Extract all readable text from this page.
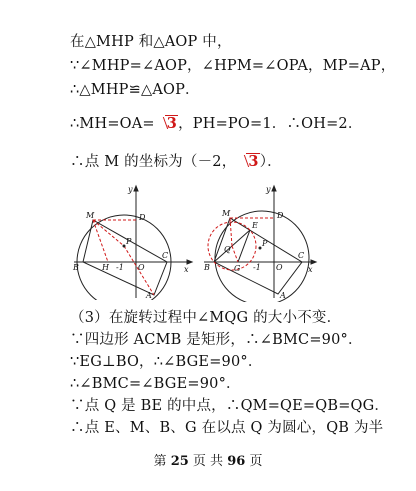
在△MHP 和△AOP 中，
∵∠MHP=∠AOP，∠HPM=∠OPA，MP=AP，
∴△MHP≌△AOP．
∴MH=OA= 3，PH=PO=1．∴OH=2．
∴点 M 的坐标为（－2， 3）．
y
x
M	D
P
B	H -1 O
C
A
y
x
M
E
D
Q
P
B	G -1 O
C
A
（3）在旋转过程中∠MQG 的大小不变．
∵四边形 ACMB 是矩形，∴∠BMC=90°．
∵EG⊥BO，∴∠BGE=90°．
∴∠BMC=∠BGE=90°．
∵点 Q 是 BE 的中点，∴QM=QE=QB=QG．
∴点 E、M、B、G 在以点 Q 为圆心，QB 为半
第 25 页 共 96 页
